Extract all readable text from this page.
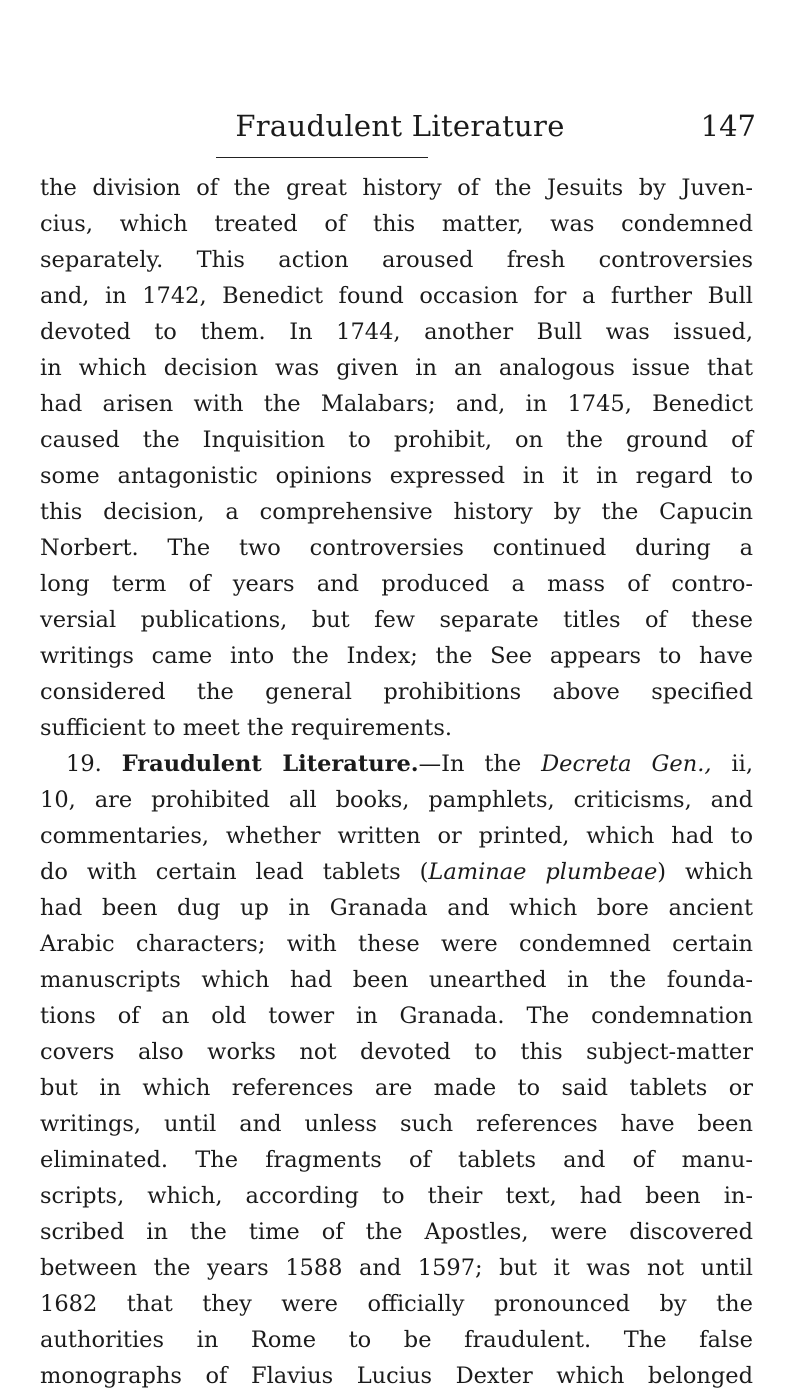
Fraudulent Literature	147
the division of the great history of the Jesuits by Juven-
cius, which treated of this matter, was condemned
separately. This action aroused fresh controversies
and, in 1742, Benedict found occasion for a further Bull
devoted to them. In 1744, another Bull was issued,
in which decision was given in an analogous issue that
had arisen with the Malabars; and, in 1745, Benedict
caused the Inquisition to prohibit, on the ground of
some antagonistic opinions expressed in it in regard to
this decision, a comprehensive history by the Capucin
Norbert. The two controversies continued during a
long term of years and produced a mass of contro-
versial publications, but few separate titles of these
writings came into the Index; the See appears to have
considered the general prohibitions above specified
sufficient to meet the requirements.
19. Fraudulent Literature.—In the Decreta Gen., ii,
10, are prohibited all books, pamphlets, criticisms, and
commentaries, whether written or printed, which had to
do with certain lead tablets (Laminae plumbeae) which
had been dug up in Granada and which bore ancient
Arabic characters; with these were condemned certain
manuscripts which had been unearthed in the founda-
tions of an old tower in Granada. The condemnation
covers also works not devoted to this subject-matter
but in which references are made to said tablets or
writings, until and unless such references have been
eliminated. The fragments of tablets and of manu-
scripts, which, according to their text, had been in-
scribed in the time of the Apostles, were discovered
between the years 1588 and 1597; but it was not until
1682 that they were officially pronounced by the
authorities in Rome to be fraudulent. The false
monographs of Flavius Lucius Dexter which belonged
